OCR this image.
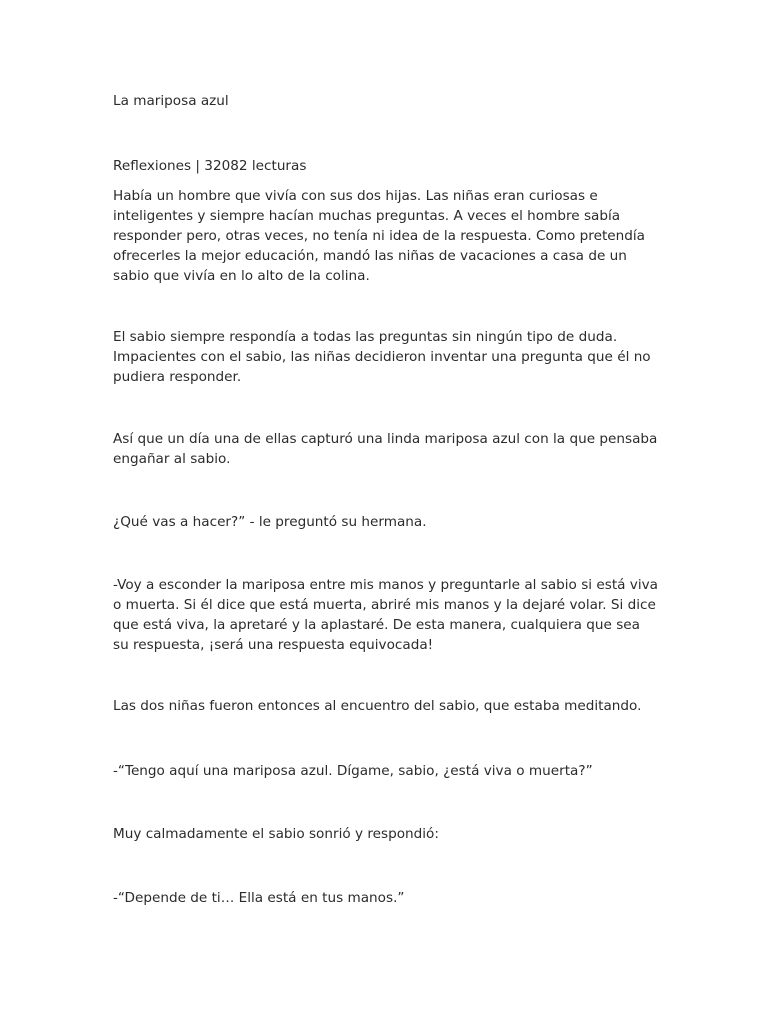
La mariposa azul

Reflexiones | 32082 lecturas

Había un hombre que vivía con sus dos hijas. Las niñas eran curiosas e inteligentes y siempre hacían muchas preguntas. A veces el hombre sabía responder pero, otras veces, no tenía ni idea de la respuesta. Como pretendía ofrecerles la mejor educación, mandó las niñas de vacaciones a casa de un sabio que vivía en lo alto de la colina.

El sabio siempre respondía a todas las preguntas sin ningún tipo de duda. Impacientes con el sabio, las niñas decidieron inventar una pregunta que él no pudiera responder.

Así que un día una de ellas capturó una linda mariposa azul con la que pensaba engañar al sabio.

¿Qué vas a hacer?” - le preguntó su hermana.

-Voy a esconder la mariposa entre mis manos y preguntarle al sabio si está viva o muerta. Si él dice que está muerta, abriré mis manos y la dejaré volar. Si dice que está viva, la apretaré y la aplastaré. De esta manera, cualquiera que sea su respuesta, ¡será una respuesta equivocada!

Las dos niñas fueron entonces al encuentro del sabio, que estaba meditando.

-“Tengo aquí una mariposa azul. Dígame, sabio, ¿está viva o muerta?”

Muy calmadamente el sabio sonrió y respondió:

-“Depende de ti… Ella está en tus manos.”
